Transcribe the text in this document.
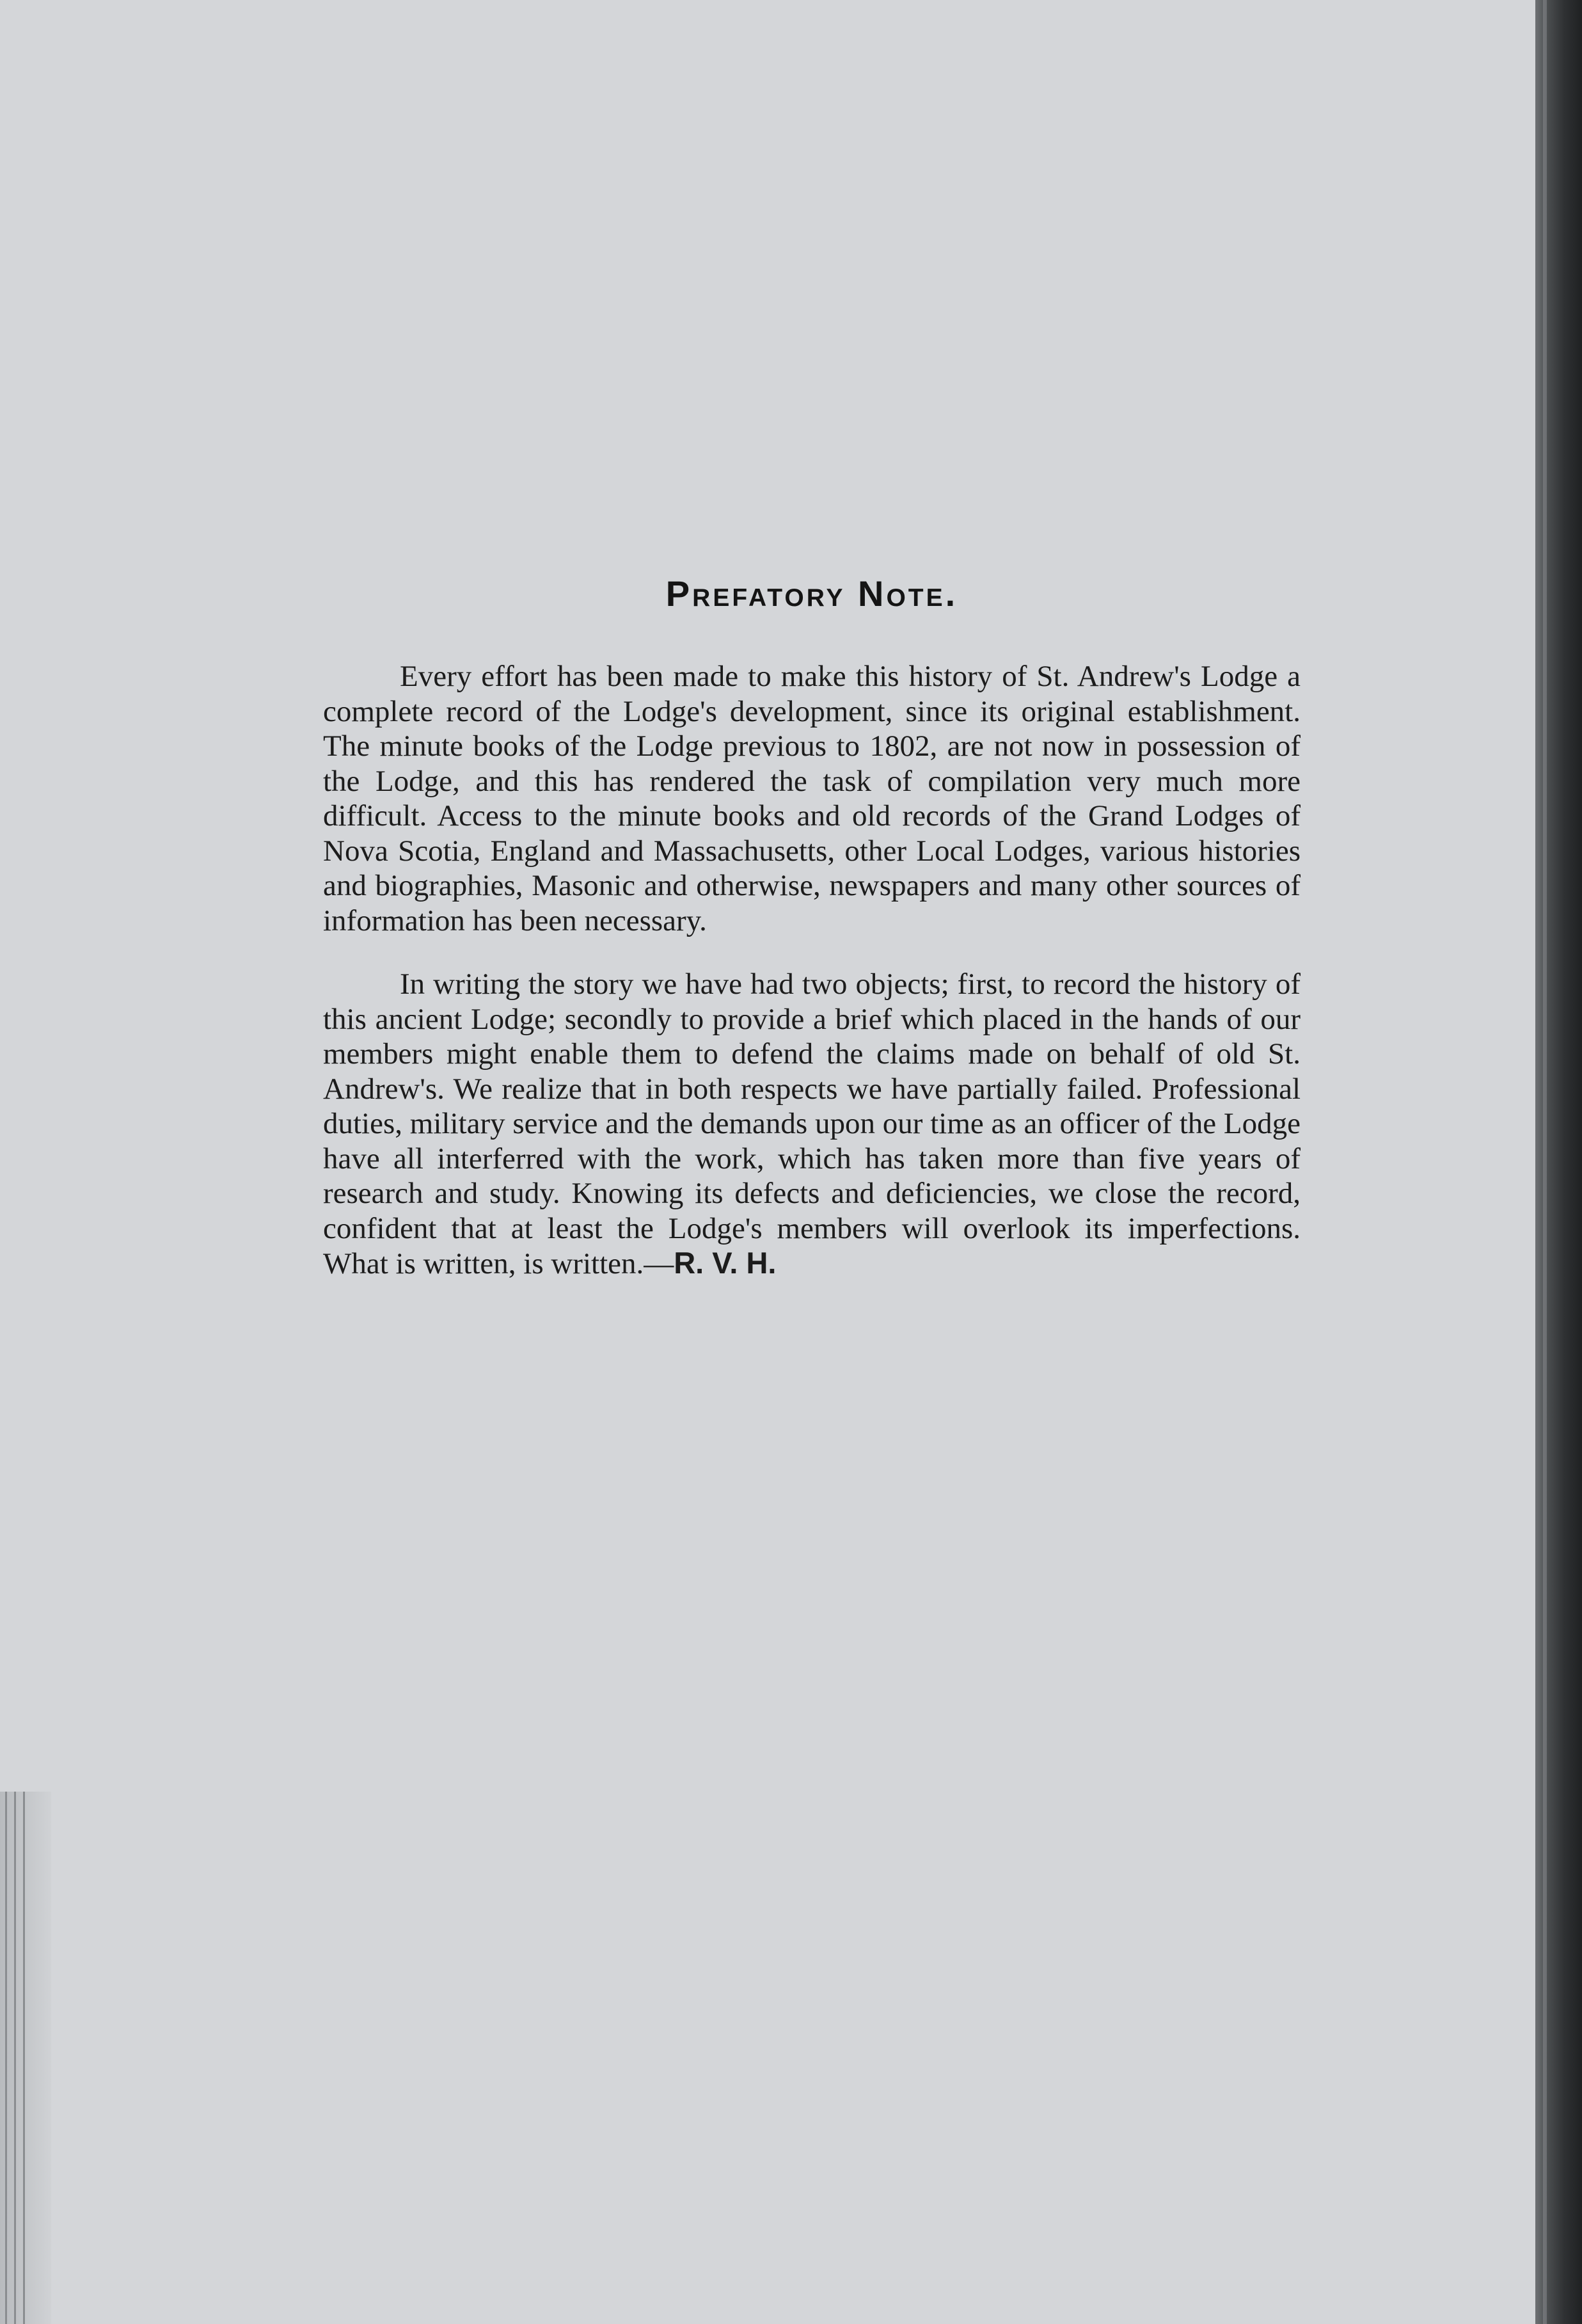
Prefatory Note.

Every effort has been made to make this history of St. Andrew's Lodge a complete record of the Lodge's development, since its original establishment. The minute books of the Lodge previous to 1802, are not now in possession of the Lodge, and this has rendered the task of compilation very much more difficult. Access to the minute books and old records of the Grand Lodges of Nova Scotia, England and Massachusetts, other Local Lodges, various histories and biographies, Masonic and otherwise, newspapers and many other sources of information has been necessary.

In writing the story we have had two objects; first, to record the history of this ancient Lodge; secondly to provide a brief which placed in the hands of our members might enable them to defend the claims made on behalf of old St. Andrew's. We realize that in both respects we have partially failed. Professional duties, military service and the demands upon our time as an officer of the Lodge have all interferred with the work, which has taken more than five years of research and study. Knowing its defects and deficiencies, we close the record, confident that at least the Lodge's members will overlook its imperfections. What is written, is written.—R. V. H.
